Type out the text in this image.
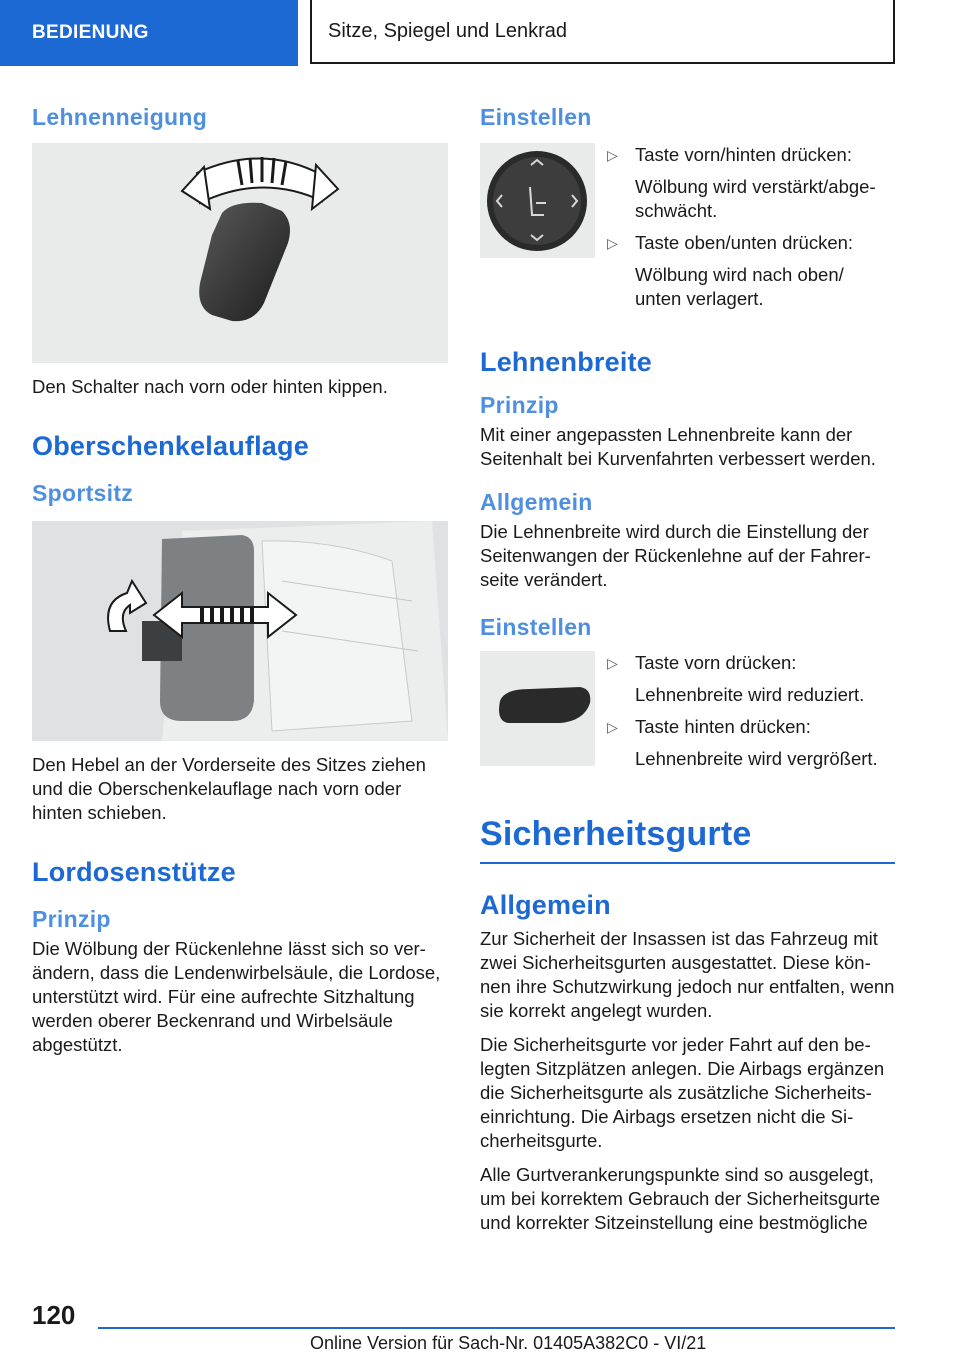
BEDIENUNG	Sitze, Spiegel und Lenkrad
Lehnenneigung

Den Schalter nach vorn oder hinten kippen.

Oberschenkelauflage
Sportsitz

Den Hebel an der Vorderseite des Sitzes ziehen und die Oberschenkelauflage nach vorn oder hinten schieben.

Lordosenstütze
Prinzip

Die Wölbung der Rückenlehne lässt sich so verändern, dass die Lendenwirbelsäule, die Lordose, unterstützt wird. Für eine aufrechte Sitzhaltung werden oberer Beckenrand und Wirbelsäule abgestützt.

Einstellen
▷ Taste vorn/hinten drücken:
Wölbung wird verstärkt/abgeschwächt.
▷ Taste oben/unten drücken:
Wölbung wird nach oben/ unten verlagert.
Lehnenbreite
Prinzip

Mit einer angepassten Lehnenbreite kann der Seitenhalt bei Kurvenfahrten verbessert werden.

Allgemein

Die Lehnenbreite wird durch die Einstellung der Seitenwangen der Rückenlehne auf der Fahrerseite verändert.

Einstellen
▷ Taste vorn drücken:
Lehnenbreite wird reduziert.
▷ Taste hinten drücken:
Lehnenbreite wird vergrößert.
Sicherheitsgurte
Allgemein

Zur Sicherheit der Insassen ist das Fahrzeug mit zwei Sicherheitsgurten ausgestattet. Diese können ihre Schutzwirkung jedoch nur entfalten, wenn sie korrekt angelegt wurden.

Die Sicherheitsgurte vor jeder Fahrt auf den belegten Sitzplätzen anlegen. Die Airbags ergänzen die Sicherheitsgurte als zusätzliche Sicherheitseinrichtung. Die Airbags ersetzen nicht die Sicherheitsgurte.

Alle Gurtverankerungspunkte sind so ausgelegt, um bei korrektem Gebrauch der Sicherheitsgurte und korrekter Sitzeinstellung eine bestmögliche

120
Online Version für Sach-Nr. 01405A382C0 - VI/21
